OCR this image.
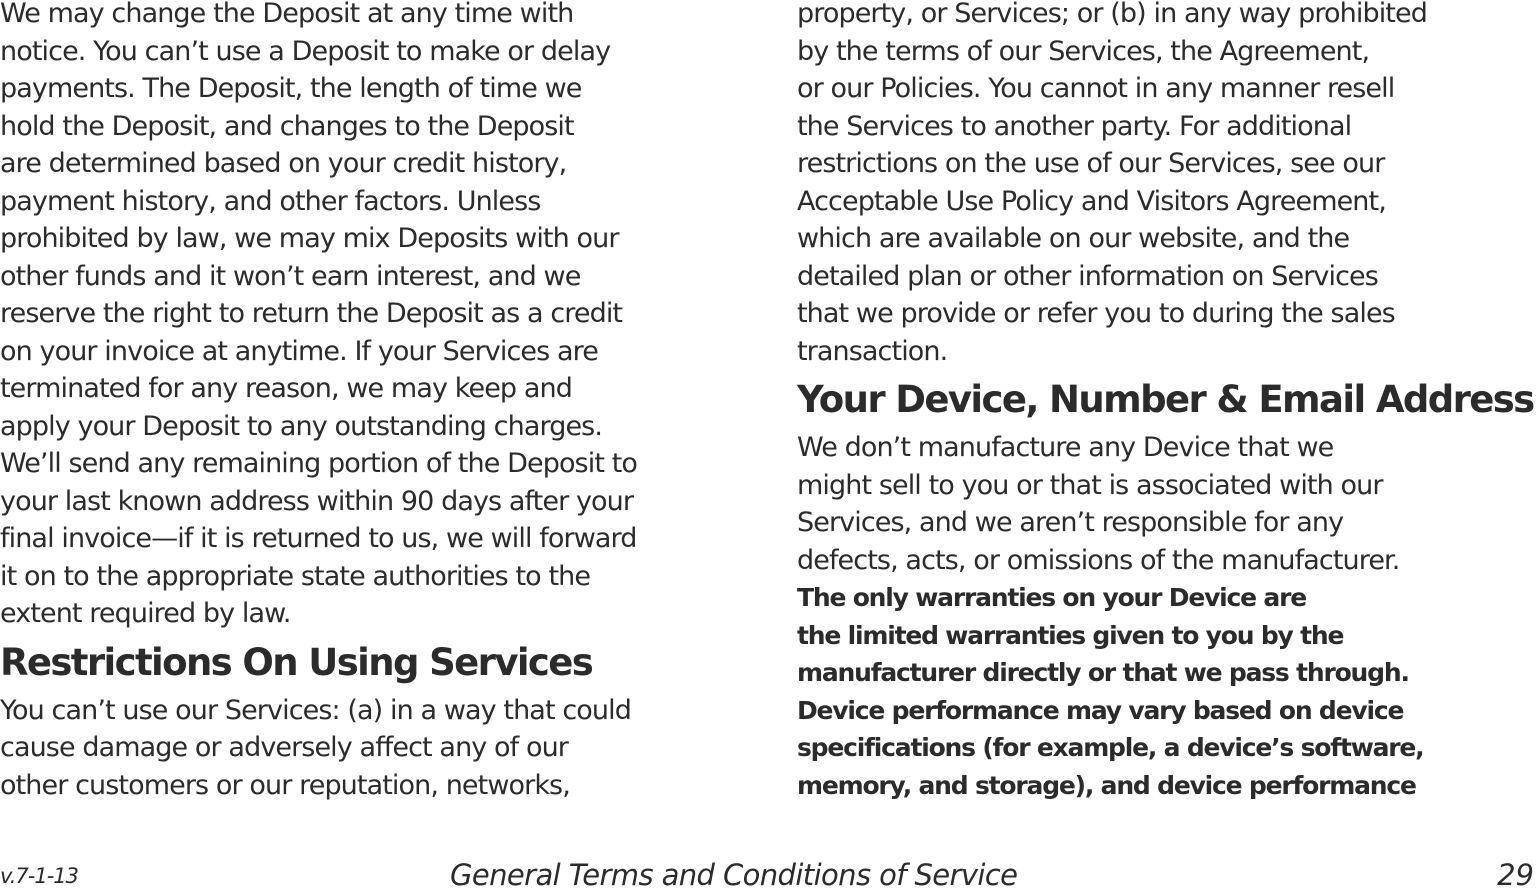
We may change the Deposit at any time with
notice. You can’t use a Deposit to make or delay
payments. The Deposit, the length of time we
hold the Deposit, and changes to the Deposit
are determined based on your credit history,
payment history, and other factors. Unless
prohibited by law, we may mix Deposits with our
other funds and it won’t earn interest, and we
reserve the right to return the Deposit as a credit
on your invoice at anytime. If your Services are
terminated for any reason, we may keep and
apply your Deposit to any outstanding charges.
We’ll send any remaining portion of the Deposit to
your last known address within 90 days after your
final invoice—if it is returned to us, we will forward
it on to the appropriate state authorities to the
extent required by law.
Restrictions On Using Services
You can’t use our Services: (a) in a way that could
cause damage or adversely affect any of our
other customers or our reputation, networks,
property, or Services; or (b) in any way prohibited
by the terms of our Services, the Agreement,
or our Policies. You cannot in any manner resell
the Services to another party. For additional
restrictions on the use of our Services, see our
Acceptable Use Policy and Visitors Agreement,
which are available on our website, and the
detailed plan or other information on Services
that we provide or refer you to during the sales
transaction.
Your Device, Number & Email Address
We don’t manufacture any Device that we
might sell to you or that is associated with our
Services, and we aren’t responsible for any
defects, acts, or omissions of the manufacturer.
The only warranties on your Device are
the limited warranties given to you by the
manufacturer directly or that we pass through.
Device performance may vary based on device
specifications (for example, a device’s software,
memory, and storage), and device performance
v.7-1-13	General Terms and Conditions of Service	29
